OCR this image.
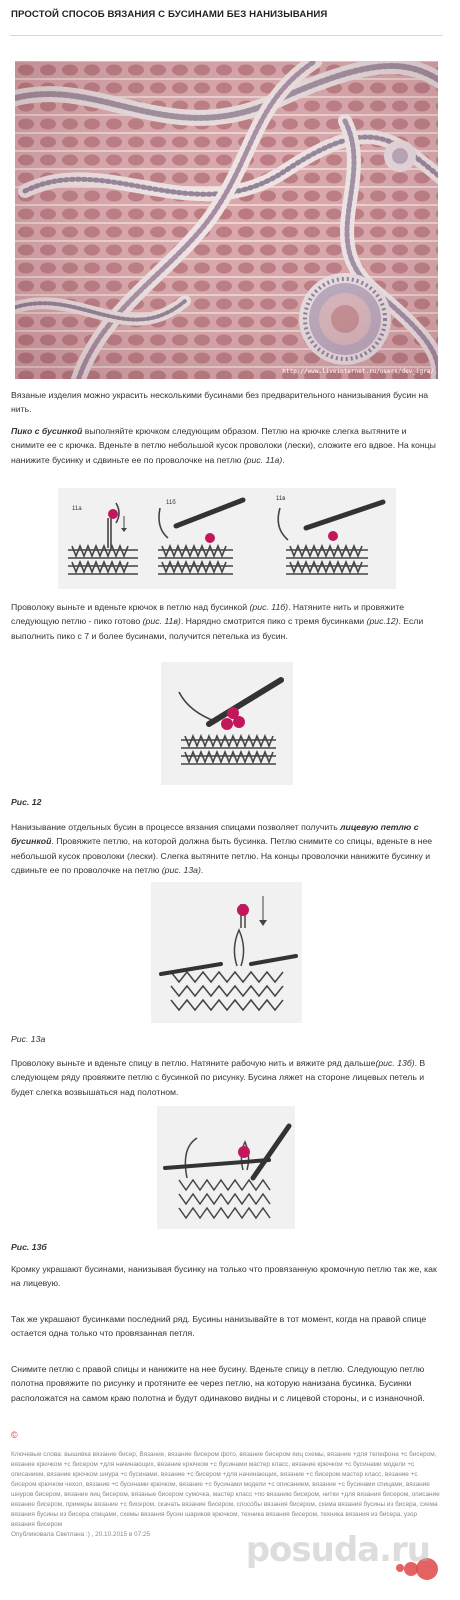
ПРОСТОЙ СПОСОБ ВЯЗАНИЯ С БУСИНАМИ БЕЗ НАНИЗЫВАНИЯ
http://www.liveinternet.ru/users/dev_igra/

Вязаные изделия можно украсить несколькими бусинами без предварительного нанизывания бусин на нить.

Пико с бусинкой выполняйте крючком следующим образом. Петлю на крючке слегка вытяните и снимите ее с крючка. Вденьте в петлю небольшой кусок проволоки (лески), сложите его вдвое. На концы нанижите бусинку и сдвиньте ее по проволочке на петлю (рис. 11а).

11а
11б
11в

Проволоку выньте и вденьте крючок в петлю над бусинкой (рис. 11б). Натяните нить и провяжите следующую петлю - пико готово (рис. 11в). Нарядно смотрится пико с тремя бусинками (рис.12). Если выполнить пико с 7 и более бусинами, получится петелька из бусин.

Рис. 12

Нанизывание отдельных бусин в процессе вязания спицами позволяет получить лицевую петлю с бусинкой. Провяжите петлю, на которой должна быть бусинка. Петлю снимите со спицы, вденьте в нее небольшой кусок проволоки (лески). Слегка вытяните петлю. На концы проволочки нанижите бусинку и сдвиньте ее по проволочке на петлю (рис. 13а).

Рис. 13а

Проволоку выньте и вденьте спицу в петлю. Натяните рабочую нить и вяжите ряд дальше(рис. 13б). В следующем ряду провяжите петлю с бусинкой по рисунку. Бусина ляжет на стороне лицевых петель и будет слегка возвышаться над полотном.

Рис. 13б

Кромку украшают бусинами, нанизывая бусинку на только что провязанную кромочную петлю так же, как на лицевую.

Так же украшают бусинками последний ряд. Бусины нанизывайте в тот момент, когда на правой спице остается одна только что провязанная петля.

Снимите петлю с правой спицы и нанижите на нее бусину. Вденьте спицу в петлю. Следующую петлю полотна провяжите по рисунку и протяните ее через петлю, на которую нанизана бусинка. Бусинки расположатся на самом краю полотна и будут одинаково видны и с лицевой стороны, и с изнаночной.

©
Ключевые слова: вышивка вязание бисер, Вязание, вязание бисером фото, вязание бисером яиц схемы, вязание +для телефона +с бисером, вязание крючком +с бисером +для начинающих, вязание крючком +с бусинами мастер класс, вязание крючком +с бусинами модели +с описанием, вязание крючком шнура +с бусинами, вязание +с бисером +для начинающих, вязание +с бисером мастер класс, вязание +с бисером крючком чехол, вязание +с бусинами крючком, вязание +с бусинами модели +с описанием, вязание +с бусинами спицами, вязание шнуров бисером, вязание яиц бисером, вязаные бисером сумочка, мастер класс +по вязанию бисером, нитки +для вязания бисером, описание вязание бисером, примеры вязание +с бисером, скачать вязание бисером, способы вязания бисером, схема вязания бусины из бисера, схема вязания бусины из бисера спицами, схемы вязания бусин шариков крючком, техника вязания бисером, техника вязания из бисера, узор вязания бисером
Опубликовала Светлана :) , 20.10.2015 в 07:25	posuda.ru
